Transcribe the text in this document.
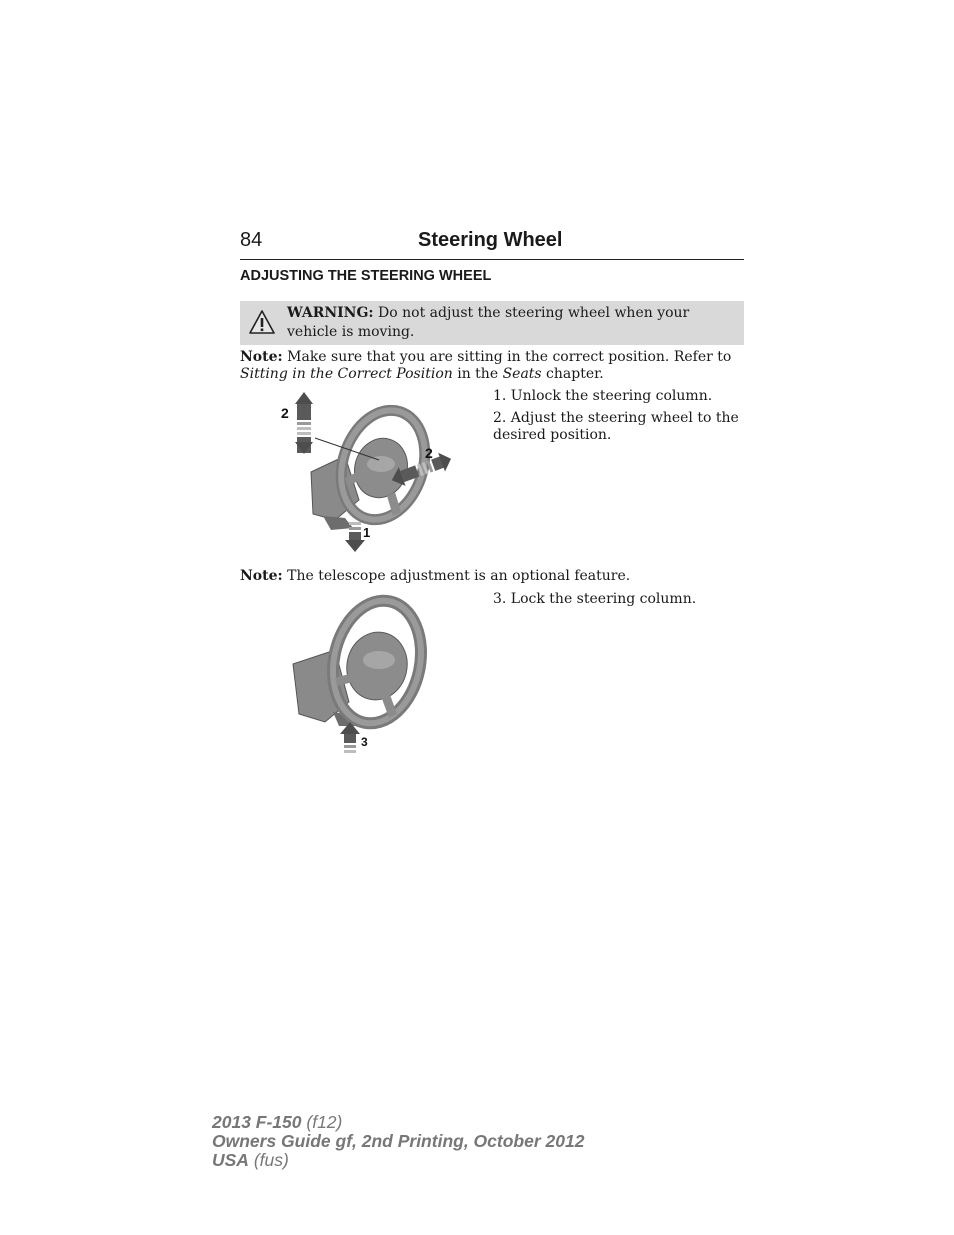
84	Steering Wheel
ADJUSTING THE STEERING WHEEL
WARNING: Do not adjust the steering wheel when your vehicle is moving.
Note: Make sure that you are sitting in the correct position. Refer to Sitting in the Correct Position in the Seats chapter.
1. Unlock the steering column.
2. Adjust the steering wheel to the desired position.
2
2
1
Note: The telescope adjustment is an optional feature.
3. Lock the steering column.
3
2013 F-150 (f12)
Owners Guide gf, 2nd Printing, October 2012
USA (fus)
